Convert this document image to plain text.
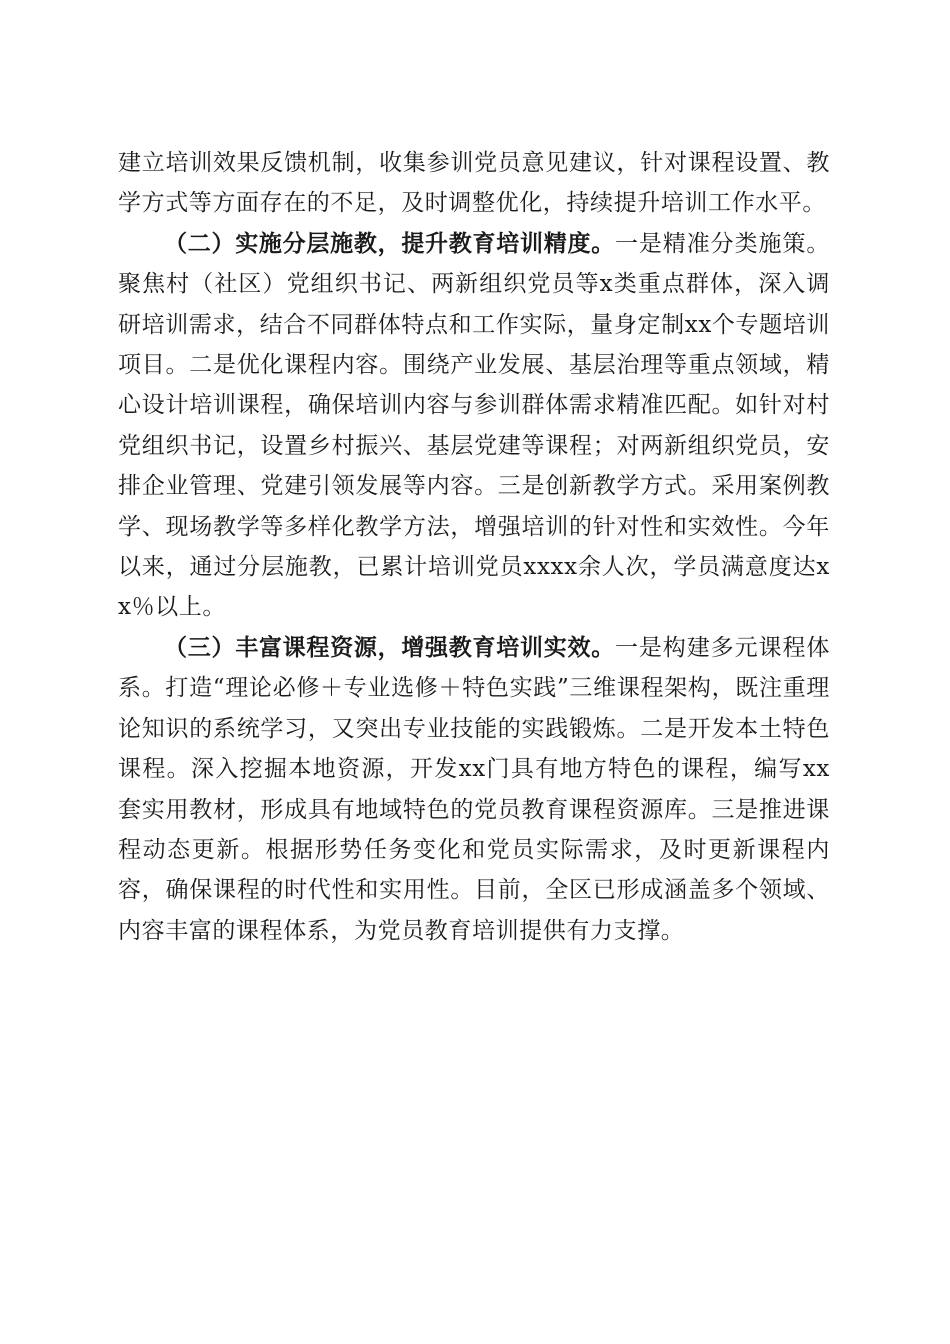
建立培训效果反馈机制，收集参训党员意见建议，针对课程设置、教学方式等方面存在的不足，及时调整优化，持续提升培训工作水平。

（二）实施分层施教，提升教育培训精度。一是精准分类施策。聚焦村（社区）党组织书记、两新组织党员等x类重点群体，深入调研培训需求，结合不同群体特点和工作实际，量身定制xx个专题培训项目。二是优化课程内容。围绕产业发展、基层治理等重点领域，精心设计培训课程，确保培训内容与参训群体需求精准匹配。如针对村党组织书记，设置乡村振兴、基层党建等课程；对两新组织党员，安排企业管理、党建引领发展等内容。三是创新教学方式。采用案例教学、现场教学等多样化教学方法，增强培训的针对性和实效性。今年以来，通过分层施教，已累计培训党员xxxx余人次，学员满意度达xx％以上。

（三）丰富课程资源，增强教育培训实效。一是构建多元课程体系。打造“理论必修＋专业选修＋特色实践”三维课程架构，既注重理论知识的系统学习，又突出专业技能的实践锻炼。二是开发本土特色课程。深入挖掘本地资源，开发xx门具有地方特色的课程，编写xx套实用教材，形成具有地域特色的党员教育课程资源库。三是推进课程动态更新。根据形势任务变化和党员实际需求，及时更新课程内容，确保课程的时代性和实用性。目前，全区已形成涵盖多个领域、内容丰富的课程体系，为党员教育培训提供有力支撑。
